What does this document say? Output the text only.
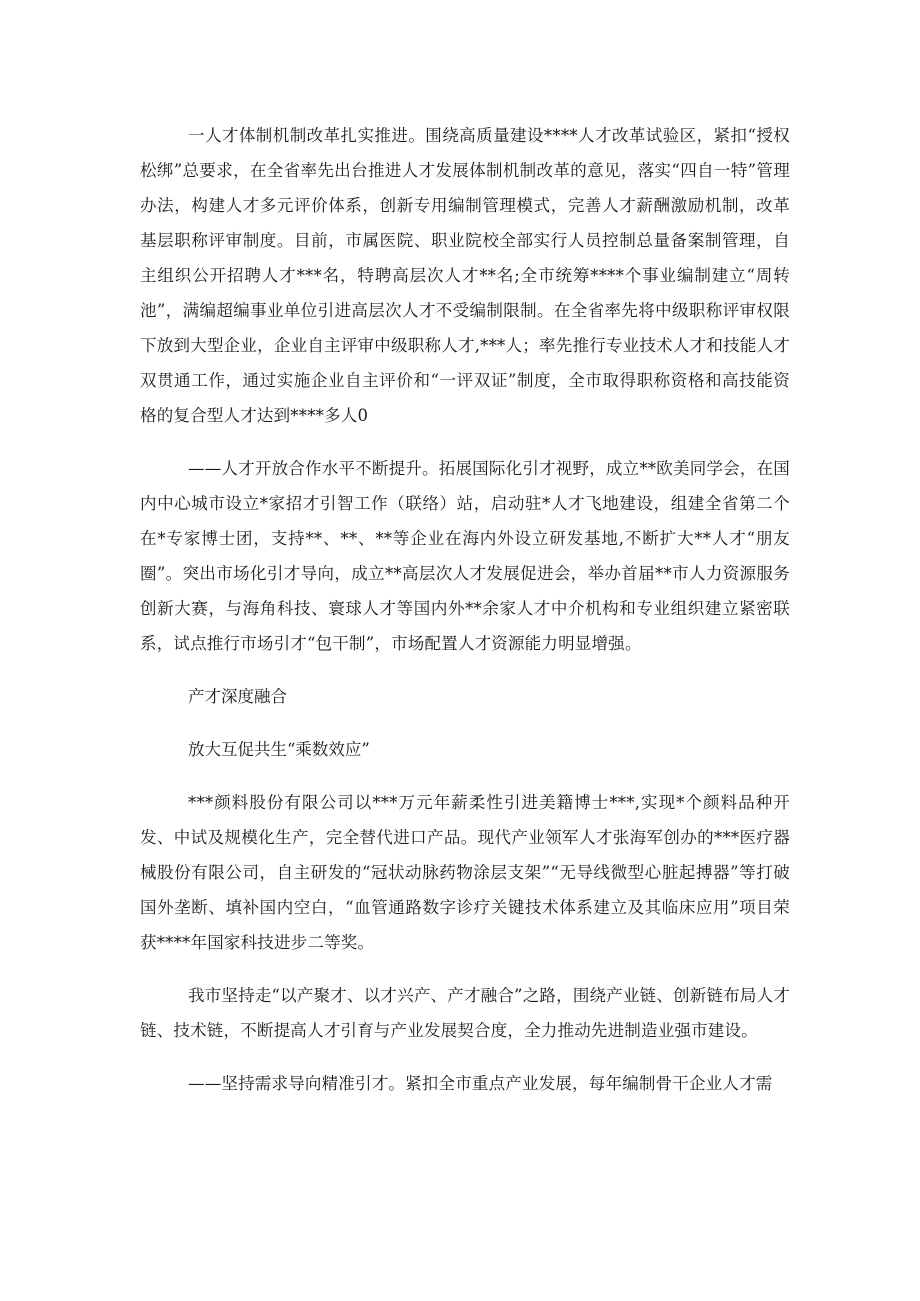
一人才体制机制改革扎实推进。围绕高质量建设****人才改革试验区，紧扣“授权松绑”总要求，在全省率先出台推进人才发展体制机制改革的意见，落实“四自一特”管理办法，构建人才多元评价体系，创新专用编制管理模式，完善人才薪酬激励机制，改革基层职称评审制度。目前，市属医院、职业院校全部实行人员控制总量备案制管理，自主组织公开招聘人才***名，特聘高层次人才**名;全市统筹****个事业编制建立“周转池”，满编超编事业单位引进高层次人才不受编制限制。在全省率先将中级职称评审权限下放到大型企业，企业自主评审中级职称人才,***人；率先推行专业技术人才和技能人才双贯通工作，通过实施企业自主评价和“一评双证”制度，全市取得职称资格和高技能资格的复合型人才达到****多人0

——人才开放合作水平不断提升。拓展国际化引才视野，成立**欧美同学会，在国内中心城市设立*家招才引智工作（联络）站，启动驻*人才飞地建设，组建全省第二个在*专家博士团，支持**、**、**等企业在海内外设立研发基地,不断扩大**人才“朋友圈”。突出市场化引才导向，成立**高层次人才发展促进会，举办首届**市人力资源服务创新大赛，与海角科技、寰球人才等国内外**余家人才中介机构和专业组织建立紧密联系，试点推行市场引才“包干制”，市场配置人才资源能力明显增强。

产才深度融合

放大互促共生“乘数效应”

***颜料股份有限公司以***万元年薪柔性引进美籍博士***,实现*个颜料品种开发、中试及规模化生产，完全替代进口产品。现代产业领军人才张海军创办的***医疗器械股份有限公司，自主研发的“冠状动脉药物涂层支架”“无导线微型心脏起搏器”等打破国外垄断、填补国内空白，“血管通路数字诊疗关键技术体系建立及其临床应用”项目荣获****年国家科技进步二等奖。

我市坚持走“以产聚才、以才兴产、产才融合”之路，围绕产业链、创新链布局人才链、技术链，不断提高人才引育与产业发展契合度，全力推动先进制造业强市建设。

——坚持需求导向精准引才。紧扣全市重点产业发展，每年编制骨干企业人才需
